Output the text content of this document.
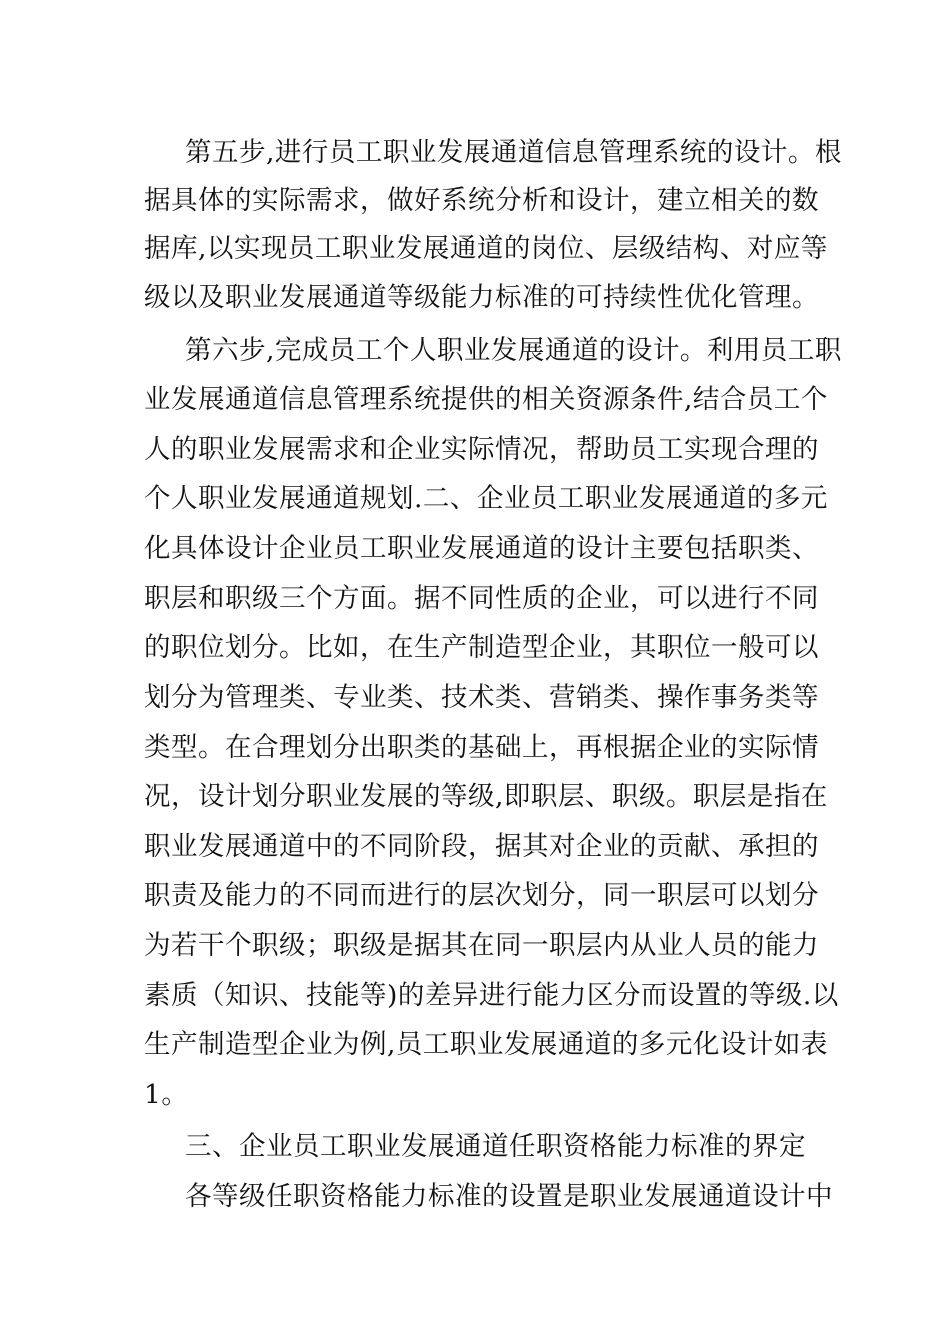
第五步,进行员工职业发展通道信息管理系统的设计。根
据具体的实际需求，做好系统分析和设计，建立相关的数
据库,以实现员工职业发展通道的岗位、层级结构、对应等
级以及职业发展通道等级能力标准的可持续性优化管理。
第六步,完成员工个人职业发展通道的设计。利用员工职
业发展通道信息管理系统提供的相关资源条件,结合员工个
人的职业发展需求和企业实际情况，帮助员工实现合理的
个人职业发展通道规划.二、企业员工职业发展通道的多元
化具体设计企业员工职业发展通道的设计主要包括职类、
职层和职级三个方面。据不同性质的企业，可以进行不同
的职位划分。比如，在生产制造型企业，其职位一般可以
划分为管理类、专业类、技术类、营销类、操作事务类等
类型。在合理划分出职类的基础上，再根据企业的实际情
况，设计划分职业发展的等级,即职层、职级。职层是指在
职业发展通道中的不同阶段，据其对企业的贡献、承担的
职责及能力的不同而进行的层次划分，同一职层可以划分
为若干个职级；职级是据其在同一职层内从业人员的能力
素质（知识、技能等)的差异进行能力区分而设置的等级.以
生产制造型企业为例,员工职业发展通道的多元化设计如表
1。
三、企业员工职业发展通道任职资格能力标准的界定
各等级任职资格能力标准的设置是职业发展通道设计中
